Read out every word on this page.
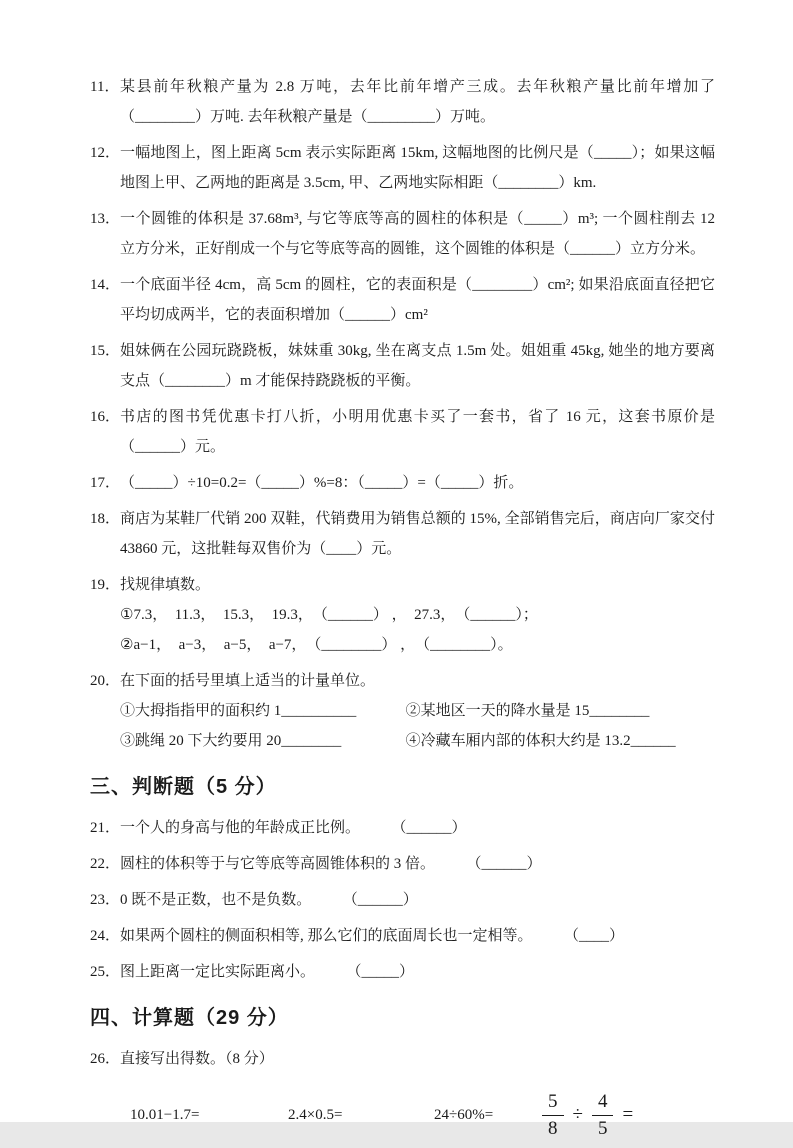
11． 某县前年秋粮产量为 2.8 万吨，去年比前年增产三成。去年秋粮产量比前年增加了（________）万吨. 去年秋粮产量是（_________）万吨。
12． 一幅地图上，图上距离 5cm 表示实际距离 15km, 这幅地图的比例尺是（_____）；如果这幅地图上甲、乙两地的距离是 3.5cm, 甲、乙两地实际相距（________）km.
13． 一个圆锥的体积是 37.68m³, 与它等底等高的圆柱的体积是（_____）m³; 一个圆柱削去 12 立方分米，正好削成一个与它等底等高的圆锥，这个圆锥的体积是（______）立方分米。
14． 一个底面半径 4cm，高 5cm 的圆柱，它的表面积是（________）cm²; 如果沿底面直径把它平均切成两半，它的表面积增加（______）cm²
15． 姐妹俩在公园玩跷跷板，妹妹重 30kg, 坐在离支点 1.5m 处。姐姐重 45kg, 她坐的地方要离支点（________）m 才能保持跷跷板的平衡。
16． 书店的图书凭优惠卡打八折，小明用优惠卡买了一套书，省了 16 元，这套书原价是（______）元。
17． （_____）÷10=0.2=（_____）%=8：（_____）=（_____）折。
18． 商店为某鞋厂代销 200 双鞋，代销费用为销售总额的 15%, 全部销售完后，商店向厂家交付 43860 元，这批鞋每双售价为（____）元。
19． 找规律填数。
①7.3，　11.3，　15.3，　19.3，　（______） ，　27.3，　（______）；
②a−1，　a−3，　a−5，　a−7，　（________） ，　（________）。
20． 在下面的括号里填上适当的计量单位。
①大拇指指甲的面积约 1__________	②某地区一天的降水量是 15________
③跳绳 20 下大约要用 20________	④冷藏车厢内部的体积大约是 13.2______
三、判断题（5 分）
21． 一个人的身高与他的年龄成正比例。	（______）
22． 圆柱的体积等于与它等底等高圆锥体积的 3 倍。	（______）
23． 0 既不是正数，也不是负数。	（______）
24． 如果两个圆柱的侧面积相等, 那么它们的底面周长也一定相等。	（____）
25． 图上距离一定比实际距离小。	（_____）
四、计算题（29 分）
26． 直接写出得数。（8 分）
10.01−1.7=	2.4×0.5=	24÷60%=	$\frac{5}{8} \div \frac{4}{5}$ =
